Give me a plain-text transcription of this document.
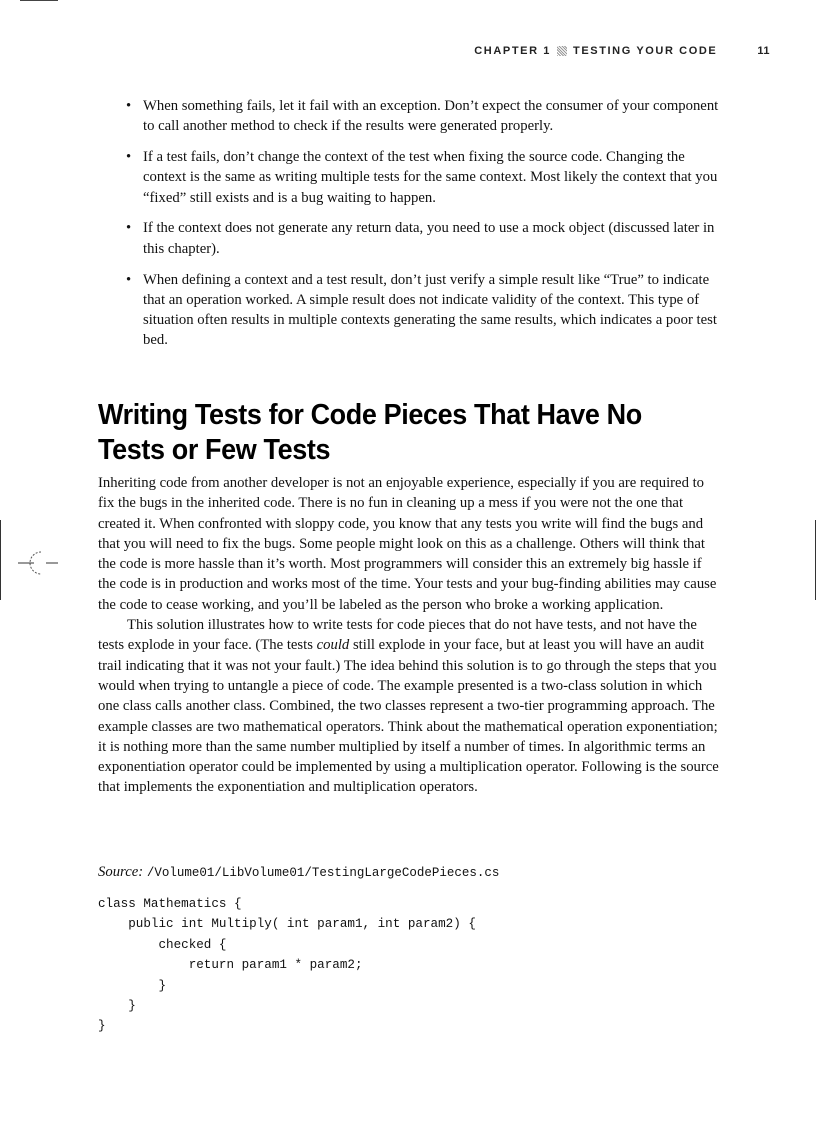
CHAPTER 1 TESTING YOUR CODE	11
• When something fails, let it fail with an exception. Don’t expect the consumer of your component to call another method to check if the results were generated properly.
• If a test fails, don’t change the context of the test when fixing the source code. Changing the context is the same as writing multiple tests for the same context. Most likely the context that you “fixed” still exists and is a bug waiting to happen.
• If the context does not generate any return data, you need to use a mock object (discussed later in this chapter).
• When defining a context and a test result, don’t just verify a simple result like “True” to indicate that an operation worked. A simple result does not indicate validity of the context. This type of situation often results in multiple contexts generating the same results, which indicates a poor test bed.
Writing Tests for Code Pieces That Have No Tests or Few Tests

Inheriting code from another developer is not an enjoyable experience, especially if you are required to fix the bugs in the inherited code. There is no fun in cleaning up a mess if you were not the one that created it. When confronted with sloppy code, you know that any tests you write will find the bugs and that you will need to fix the bugs. Some people might look on this as a challenge. Others will think that the code is more hassle than it’s worth. Most programmers will consider this an extremely big hassle if the code is in production and works most of the time. Your tests and your bug-finding abilities may cause the code to cease working, and you’ll be labeled as the person who broke a working application.

This solution illustrates how to write tests for code pieces that do not have tests, and not have the tests explode in your face. (The tests could still explode in your face, but at least you will have an audit trail indicating that it was not your fault.) The idea behind this solution is to go through the steps that you would when trying to untangle a piece of code. The example presented is a two-class solution in which one class calls another class. Combined, the two classes represent a two-tier programming approach. The example classes are two mathematical operators. Think about the mathematical operation exponentiation; it is nothing more than the same number multiplied by itself a number of times. In algorithmic terms an exponentiation operator could be implemented by using a multiplication operator. Following is the source that implements the exponentiation and multiplication operators.

Source: /Volume01/LibVolume01/TestingLargeCodePieces.cs
class Mathematics {
public int Multiply( int param1, int param2) {
checked {
return param1 * param2;
}
}
}
